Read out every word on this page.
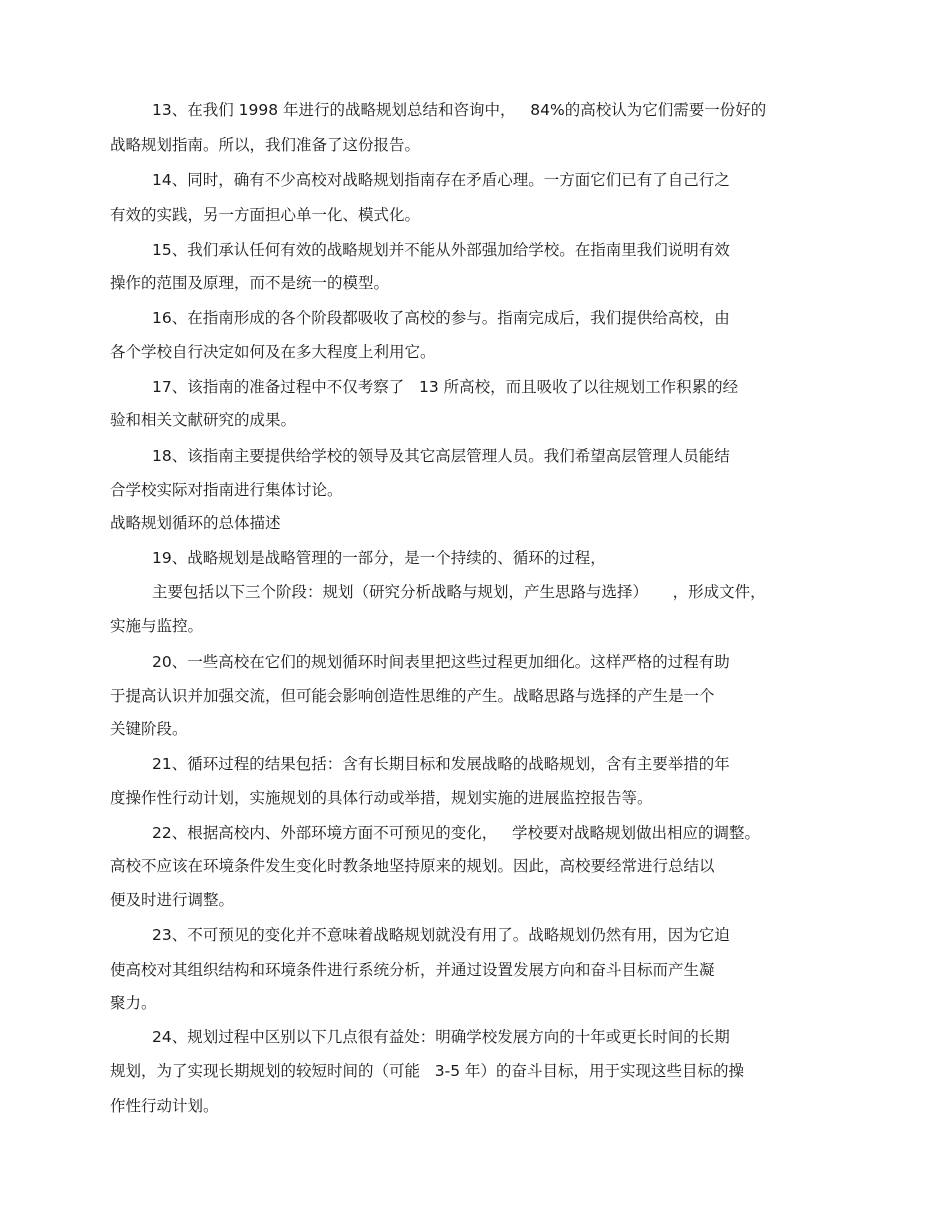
13、在我们 1998 年进行的战略规划总结和咨询中，   84%的高校认为它们需要一份好的
战略规划指南。所以，我们准备了这份报告。
14、同时，确有不少高校对战略规划指南存在矛盾心理。一方面它们已有了自己行之
有效的实践，另一方面担心单一化、模式化。
15、我们承认任何有效的战略规划并不能从外部强加给学校。在指南里我们说明有效
操作的范围及原理，而不是统一的模型。
16、在指南形成的各个阶段都吸收了高校的参与。指南完成后，我们提供给高校，由
各个学校自行决定如何及在多大程度上利用它。
17、该指南的准备过程中不仅考察了   13 所高校，而且吸收了以往规划工作积累的经
验和相关文献研究的成果。
18、该指南主要提供给学校的领导及其它高层管理人员。我们希望高层管理人员能结
合学校实际对指南进行集体讨论。
战略规划循环的总体描述
19、战略规划是战略管理的一部分，是一个持续的、循环的过程，
主要包括以下三个阶段：规划（研究分析战略与规划，产生思路与选择）     ，形成文件，
实施与监控。
20、一些高校在它们的规划循环时间表里把这些过程更加细化。这样严格的过程有助
于提高认识并加强交流，但可能会影响创造性思维的产生。战略思路与选择的产生是一个
关键阶段。
21、循环过程的结果包括：含有长期目标和发展战略的战略规划，含有主要举措的年
度操作性行动计划，实施规划的具体行动或举措，规划实施的进展监控报告等。
22、根据高校内、外部环境方面不可预见的变化，   学校要对战略规划做出相应的调整。
高校不应该在环境条件发生变化时教条地坚持原来的规划。因此，高校要经常进行总结以
便及时进行调整。
23、不可预见的变化并不意味着战略规划就没有用了。战略规划仍然有用，因为它迫
使高校对其组织结构和环境条件进行系统分析，并通过设置发展方向和奋斗目标而产生凝
聚力。
24、规划过程中区别以下几点很有益处：明确学校发展方向的十年或更长时间的长期
规划，为了实现长期规划的较短时间的（可能   3-5 年）的奋斗目标，用于实现这些目标的操
作性行动计划。
